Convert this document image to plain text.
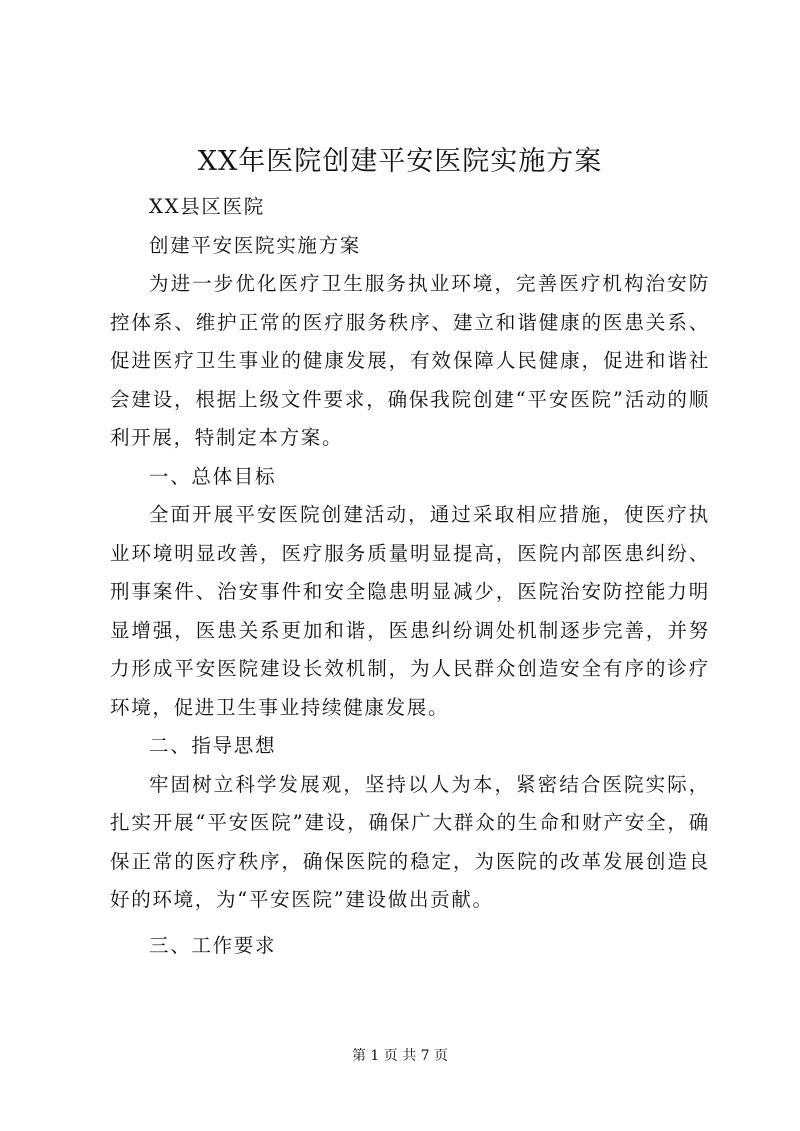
XX年医院创建平安医院实施方案

XX县区医院

创建平安医院实施方案

为进一步优化医疗卫生服务执业环境，完善医疗机构治安防控体系、维护正常的医疗服务秩序、建立和谐健康的医患关系、促进医疗卫生事业的健康发展，有效保障人民健康，促进和谐社会建设，根据上级文件要求，确保我院创建“平安医院”活动的顺利开展，特制定本方案。

一、总体目标

全面开展平安医院创建活动，通过采取相应措施，使医疗执业环境明显改善，医疗服务质量明显提高，医院内部医患纠纷、刑事案件、治安事件和安全隐患明显减少，医院治安防控能力明显增强，医患关系更加和谐，医患纠纷调处机制逐步完善，并努力形成平安医院建设长效机制，为人民群众创造安全有序的诊疗环境，促进卫生事业持续健康发展。

二、指导思想

牢固树立科学发展观，坚持以人为本，紧密结合医院实际，扎实开展“平安医院”建设，确保广大群众的生命和财产安全，确保正常的医疗秩序，确保医院的稳定，为医院的改革发展创造良好的环境，为“平安医院”建设做出贡献。

三、工作要求

第 1 页 共 7 页
